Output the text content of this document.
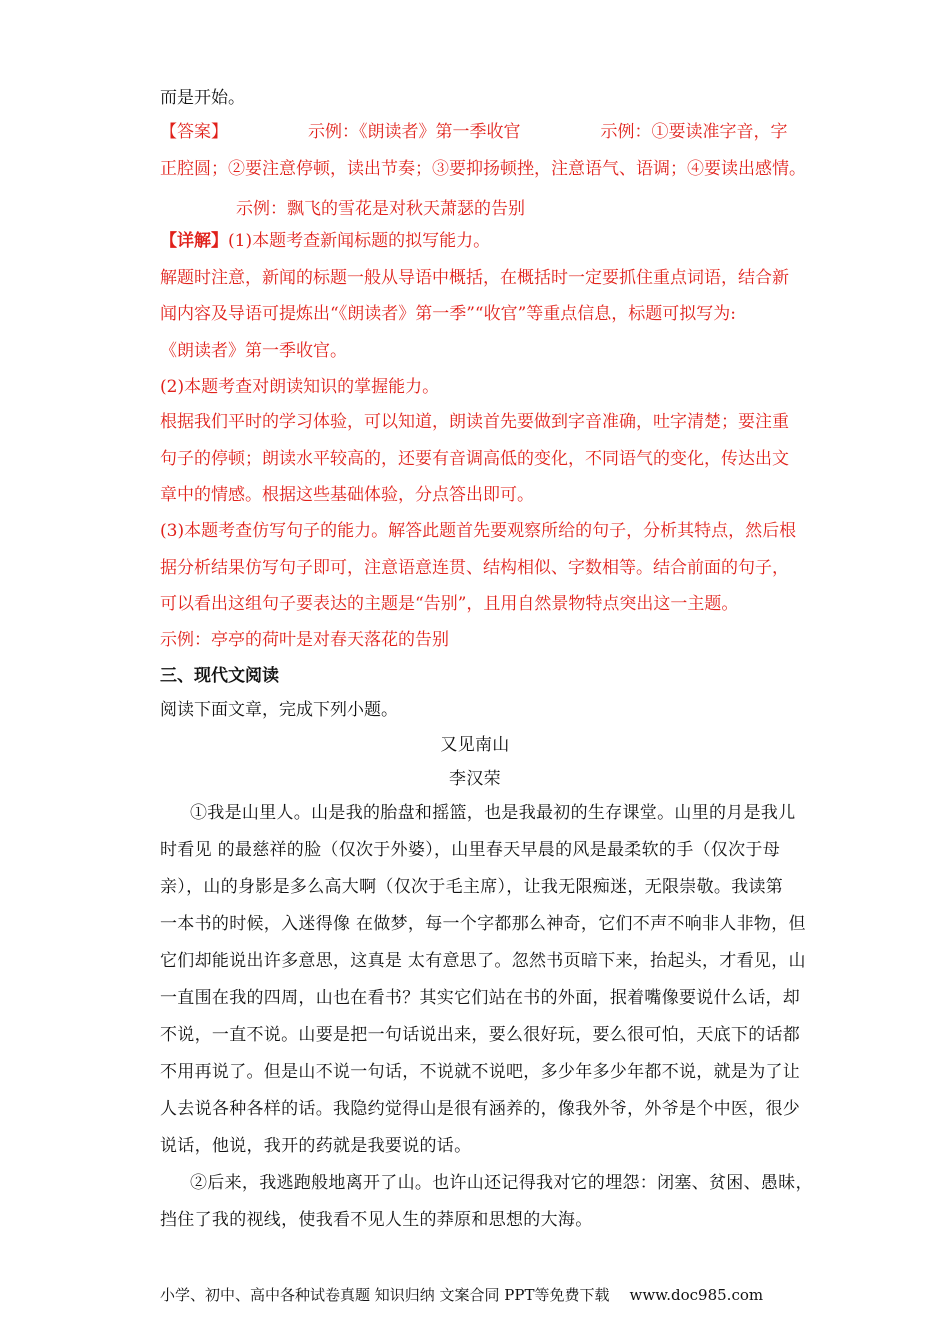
而是开始。
【答案】	示例：《朗读者》第一季收官	示例：①要读准字音，字
正腔圆；②要注意停顿，读出节奏；③要抑扬顿挫，注意语气、语调；④要读出感情。
示例：飘飞的雪花是对秋天萧瑟的告别
【详解】(1)本题考查新闻标题的拟写能力。
解题时注意，新闻的标题一般从导语中概括，在概括时一定要抓住重点词语，结合新
闻内容及导语可提炼出“《朗读者》第一季”“收官”等重点信息，标题可拟写为:
《朗读者》第一季收官。
(2)本题考查对朗读知识的掌握能力。
根据我们平时的学习体验，可以知道，朗读首先要做到字音准确，吐字清楚；要注重
句子的停顿；朗读水平较高的，还要有音调高低的变化，不同语气的变化，传达出文
章中的情感。根据这些基础体验，分点答出即可。
(3)本题考查仿写句子的能力。解答此题首先要观察所给的句子，分析其特点，然后根
据分析结果仿写句子即可，注意语意连贯、结构相似、字数相等。结合前面的句子，
可以看出这组句子要表达的主题是“告别”，且用自然景物特点突出这一主题。
示例：亭亭的荷叶是对春天落花的告别
三、现代文阅读
阅读下面文章，完成下列小题。
又见南山
李汉荣
①我是山里人。山是我的胎盘和摇篮，也是我最初的生存课堂。山里的月是我儿
时看见 的最慈祥的脸（仅次于外婆），山里春天早晨的风是最柔软的手（仅次于母
亲），山的身影是多么高大啊（仅次于毛主席），让我无限痴迷，无限崇敬。我读第
一本书的时候，入迷得像 在做梦，每一个字都那么神奇，它们不声不响非人非物，但
它们却能说出许多意思，这真是 太有意思了。忽然书页暗下来，抬起头，才看见，山
一直围在我的四周，山也在看书？其实它们站在书的外面，抿着嘴像要说什么话，却
不说，一直不说。山要是把一句话说出来，要么很好玩，要么很可怕，天底下的话都
不用再说了。但是山不说一句话，不说就不说吧，多少年多少年都不说，就是为了让
人去说各种各样的话。我隐约觉得山是很有涵养的，像我外爷，外爷是个中医，很少
说话，他说，我开的药就是我要说的话。
②后来，我逃跑般地离开了山。也许山还记得我对它的埋怨：闭塞、贫困、愚昧，
挡住了我的视线，使我看不见人生的莽原和思想的大海。
小学、初中、高中各种试卷真题 知识归纳 文案合同 PPT等免费下载 www.doc985.com
